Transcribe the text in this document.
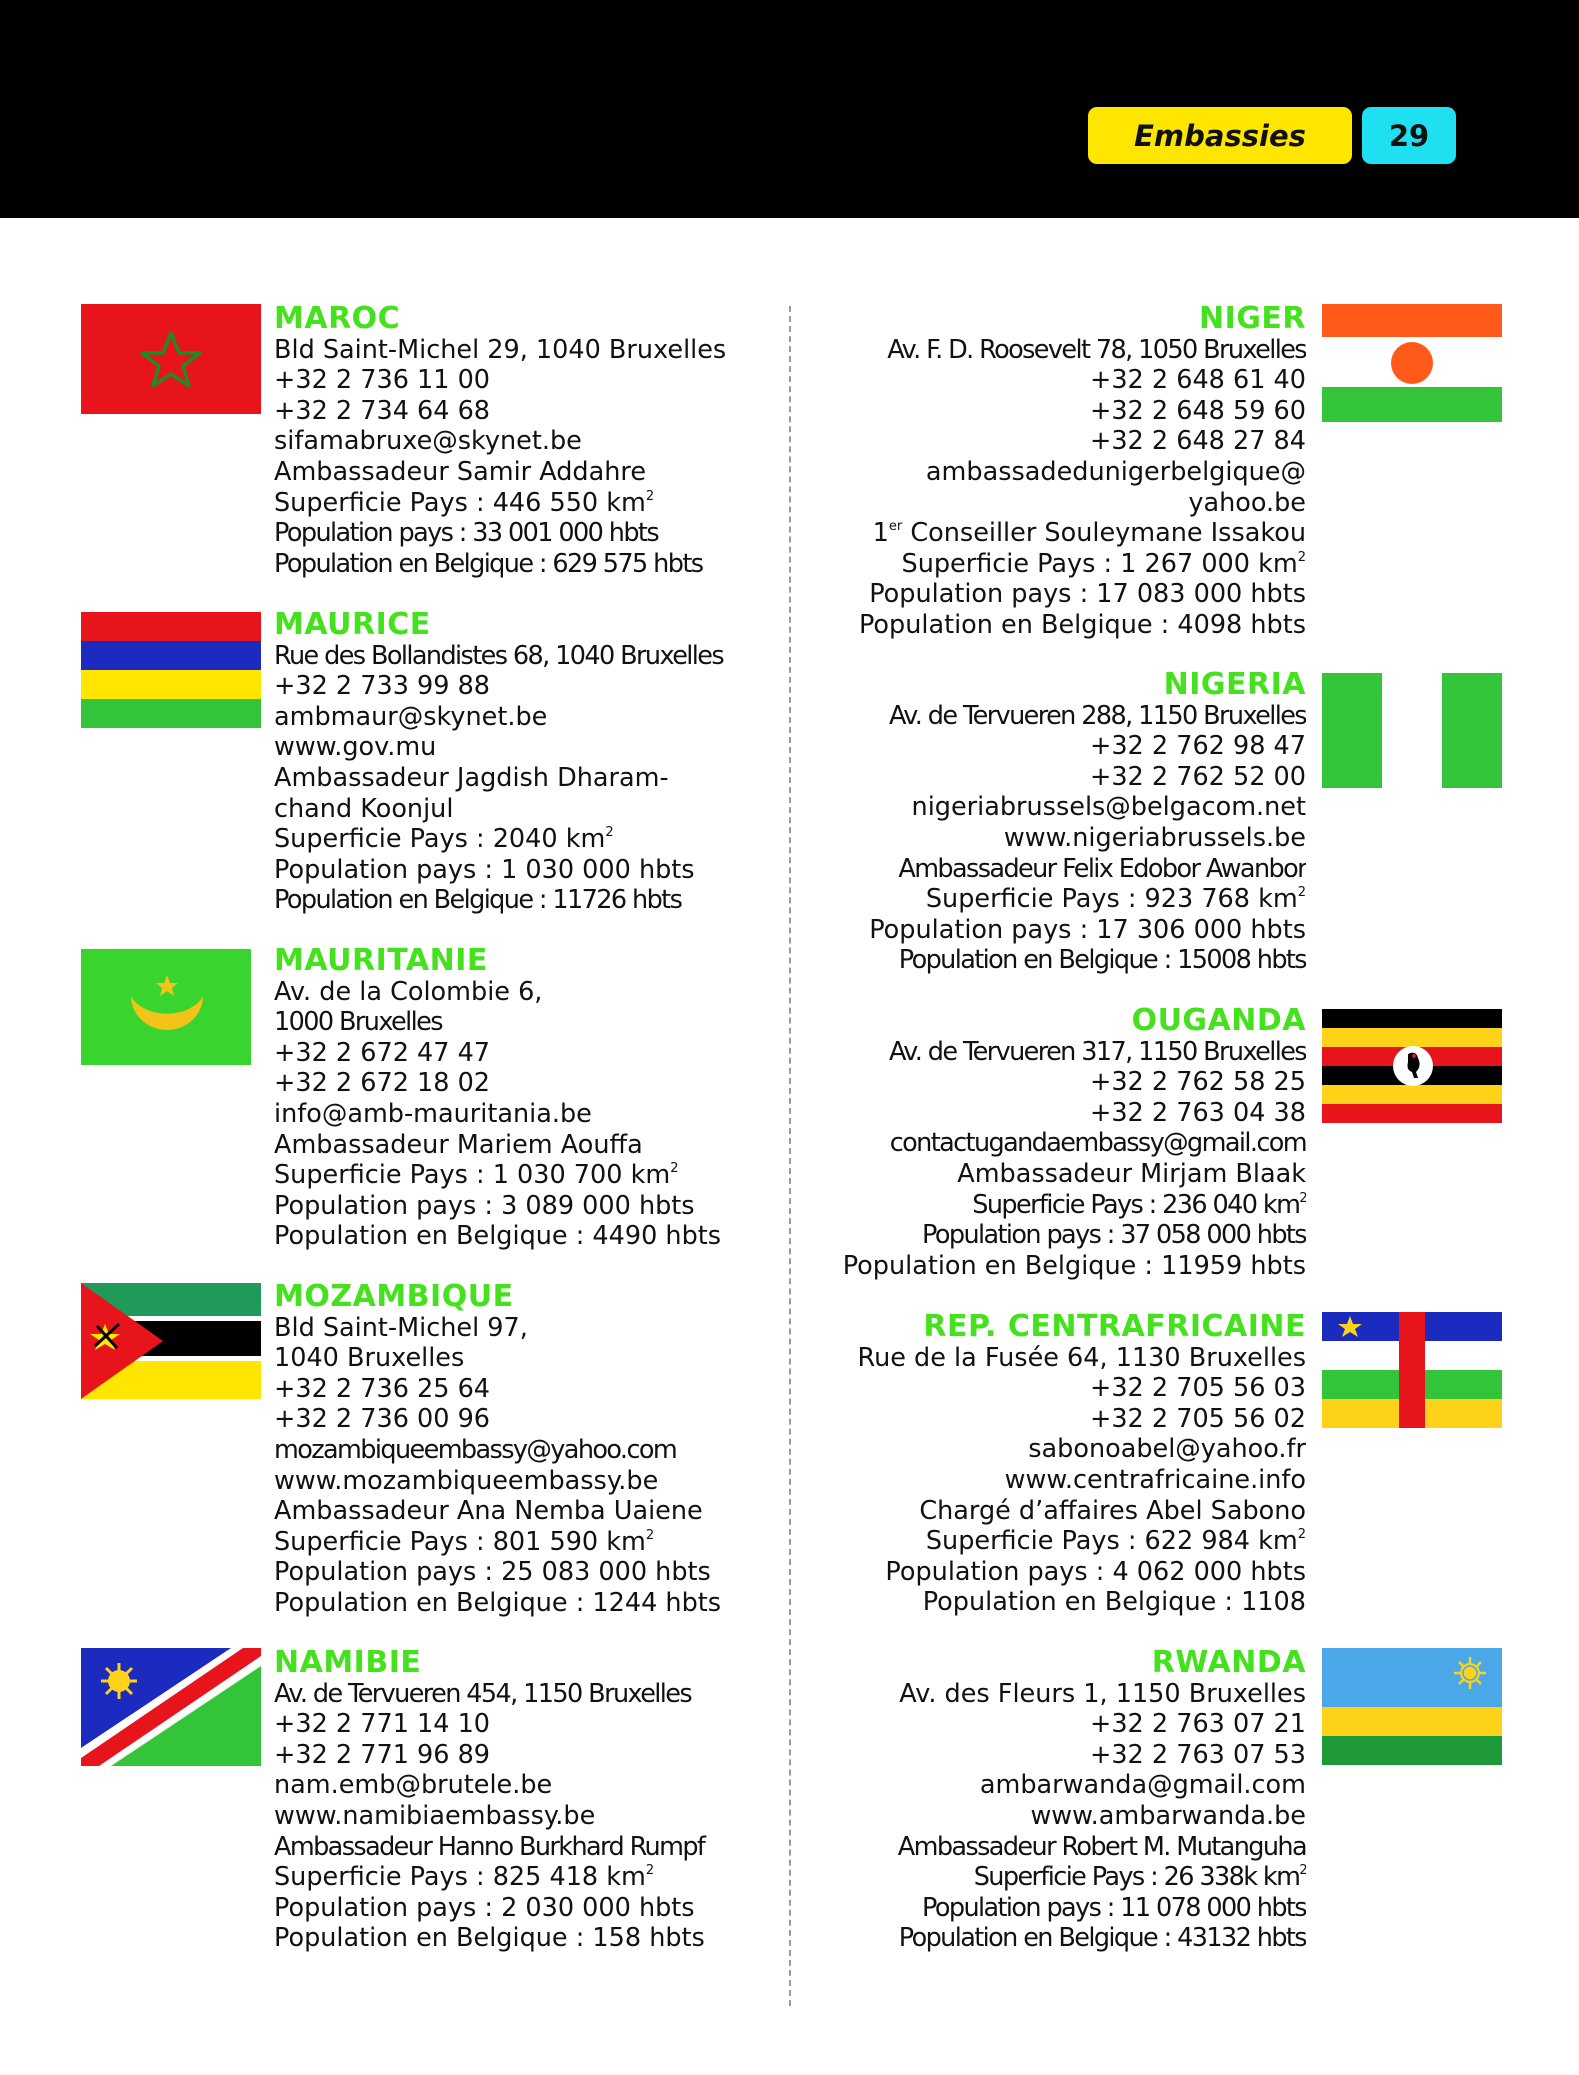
Embassies	29
MAROC
Bld Saint-Michel 29, 1040 Bruxelles
+32 2 736 11 00
+32 2 734 64 68
sifamabruxe@skynet.be
Ambassadeur Samir Addahre
Superficie Pays : 446 550 $km^2$
Population pays : 33 001 000 hbts
Population en Belgique : 629 575 hbts
MAURICE
Rue des Bollandistes 68, 1040 Bruxelles
+32 2 733 99 88
ambmaur@skynet.be
www.gov.mu
Ambassadeur Jagdish Dharam-
chand Koonjul
Superficie Pays : 2040 $km^2$
Population pays : 1 030 000 hbts
Population en Belgique : 11726 hbts
MAURITANIE
Av. de la Colombie 6,
1000 Bruxelles
+32 2 672 47 47
+32 2 672 18 02
info@amb-mauritania.be
Ambassadeur Mariem Aouffa
Superficie Pays : 1 030 700 $km^2$
Population pays : 3 089 000 hbts
Population en Belgique : 4490 hbts
MOZAMBIQUE
Bld Saint-Michel 97,
1040 Bruxelles
+32 2 736 25 64
+32 2 736 00 96
mozambiqueembassy@yahoo.com
www.mozambiqueembassy.be
Ambassadeur Ana Nemba Uaiene
Superficie Pays : 801 590 $km^2$
Population pays : 25 083 000 hbts
Population en Belgique : 1244 hbts
NAMIBIE
Av. de Tervueren 454, 1150 Bruxelles
+32 2 771 14 10
+32 2 771 96 89
nam.emb@brutele.be
www.namibiaembassy.be
Ambassadeur Hanno Burkhard Rumpf
Superficie Pays : 825 418 $km^2$
Population pays : 2 030 000 hbts
Population en Belgique : 158 hbts
NIGER
Av. F. D. Roosevelt 78, 1050 Bruxelles
+32 2 648 61 40
+32 2 648 59 60
+32 2 648 27 84
ambassadedunigerbelgique@
yahoo.be
1er Conseiller Souleymane Issakou
Superficie Pays : 1 267 000 $km^2$
Population pays : 17 083 000 hbts
Population en Belgique : 4098 hbts
NIGERIA
Av. de Tervueren 288, 1150 Bruxelles
+32 2 762 98 47
+32 2 762 52 00
nigeriabrussels@belgacom.net
www.nigeriabrussels.be
Ambassadeur Felix Edobor Awanbor
Superficie Pays : 923 768 $km^2$
Population pays : 17 306 000 hbts
Population en Belgique : 15008 hbts
OUGANDA
Av. de Tervueren 317, 1150 Bruxelles
+32 2 762 58 25
+32 2 763 04 38
contactugandaembassy@gmail.com
Ambassadeur Mirjam Blaak
Superficie Pays : 236 040 $km^2$
Population pays : 37 058 000 hbts
Population en Belgique : 11959 hbts
REP. CENTRAFRICAINE
Rue de la Fusée 64, 1130 Bruxelles
+32 2 705 56 03
+32 2 705 56 02
sabonoabel@yahoo.fr
www.centrafricaine.info
Chargé d’affaires Abel Sabono
Superficie Pays : 622 984 $km^2$
Population pays : 4 062 000 hbts
Population en Belgique : 1108
RWANDA
Av. des Fleurs 1, 1150 Bruxelles
+32 2 763 07 21
+32 2 763 07 53
ambarwanda@gmail.com
www.ambarwanda.be
Ambassadeur Robert M. Mutanguha
Superficie Pays : 26 338k $km^2$
Population pays : 11 078 000 hbts
Population en Belgique : 43132 hbts
